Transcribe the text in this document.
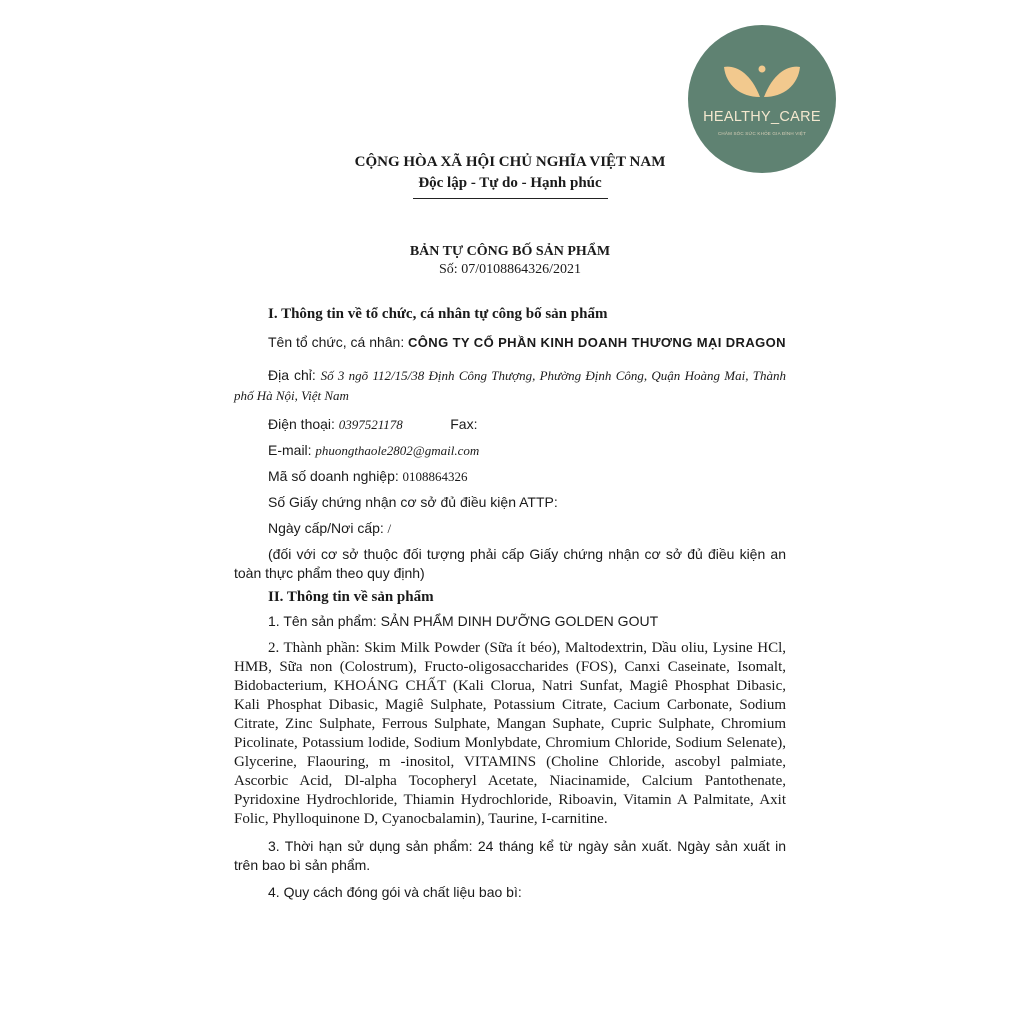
HEALTHY_CARE
CHĂM SÓC SỨC KHỎE GIA ĐÌNH VIỆT
CỘNG HÒA XÃ HỘI CHỦ NGHĨA VIỆT NAM
Độc lập - Tự do - Hạnh phúc
BẢN TỰ CÔNG BỐ SẢN PHẨM
Số: 07/0108864326/2021
I. Thông tin về tổ chức, cá nhân tự công bố sản phẩm
Tên tổ chức, cá nhân: CÔNG TY CỔ PHẦN KINH DOANH THƯƠNG MẠI DRAGON
Địa chỉ: Số 3 ngõ 112/15/38 Định Công Thượng, Phường Định Công, Quận Hoàng Mai, Thành phố Hà Nội, Việt Nam
Điện thoại: 0397521178	Fax:
E-mail: phuongthaole2802@gmail.com
Mã số doanh nghiệp: 0108864326
Số Giấy chứng nhận cơ sở đủ điều kiện ATTP:
Ngày cấp/Nơi cấp: /
(đối với cơ sở thuộc đối tượng phải cấp Giấy chứng nhận cơ sở đủ điều kiện an toàn thực phẩm theo quy định)
II. Thông tin về sản phẩm
1. Tên sản phẩm: SẢN PHẨM DINH DƯỠNG GOLDEN GOUT
2. Thành phần: Skim Milk Powder (Sữa ít béo), Maltodextrin, Dầu oliu, Lysine HCl, HMB, Sữa non (Colostrum), Fructo-oligosaccharides (FOS), Canxi Caseinate, Isomalt, Bidobacterium, KHOÁNG CHẤT (Kali Clorua, Natri Sunfat, Magiê Phosphat Dibasic, Kali Phosphat Dibasic, Magiê Sulphate, Potassium Citrate, Cacium Carbonate, Sodium Citrate, Zinc Sulphate, Ferrous Sulphate, Mangan Suphate, Cupric Sulphate, Chromium Picolinate, Potassium lodide, Sodium Monlybdate, Chromium Chloride, Sodium Selenate), Glycerine, Flaouring, m -inositol, VITAMINS (Choline Chloride, ascobyl palmiate, Ascorbic Acid, Dl-alpha Tocopheryl Acetate, Niacinamide, Calcium Pantothenate, Pyridoxine Hydrochloride, Thiamin Hydrochloride, Riboavin, Vitamin A Palmitate, Axit Folic, Phylloquinone D, Cyanocbalamin), Taurine, I-carnitine.
3. Thời hạn sử dụng sản phẩm: 24 tháng kể từ ngày sản xuất. Ngày sản xuất in trên bao bì sản phẩm.
4. Quy cách đóng gói và chất liệu bao bì:
